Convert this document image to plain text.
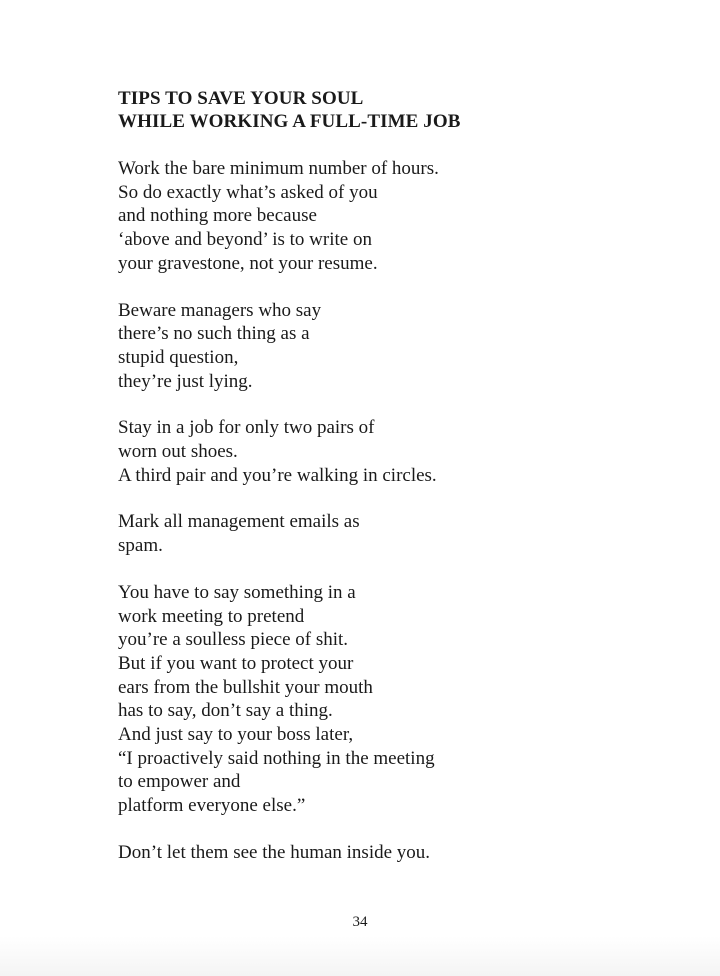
TIPS TO SAVE YOUR SOUL
WHILE WORKING A FULL-TIME JOB
Work the bare minimum number of hours.
So do exactly what’s asked of you
and nothing more because
‘above and beyond’ is to write on
your gravestone, not your resume.
Beware managers who say
there’s no such thing as a
stupid question,
they’re just lying.
Stay in a job for only two pairs of
worn out shoes.
A third pair and you’re walking in circles.
Mark all management emails as
spam.
You have to say something in a
work meeting to pretend
you’re a soulless piece of shit.
But if you want to protect your
ears from the bullshit your mouth
has to say, don’t say a thing.
And just say to your boss later,
“I proactively said nothing in the meeting
to empower and
platform everyone else.”
Don’t let them see the human inside you.
34
